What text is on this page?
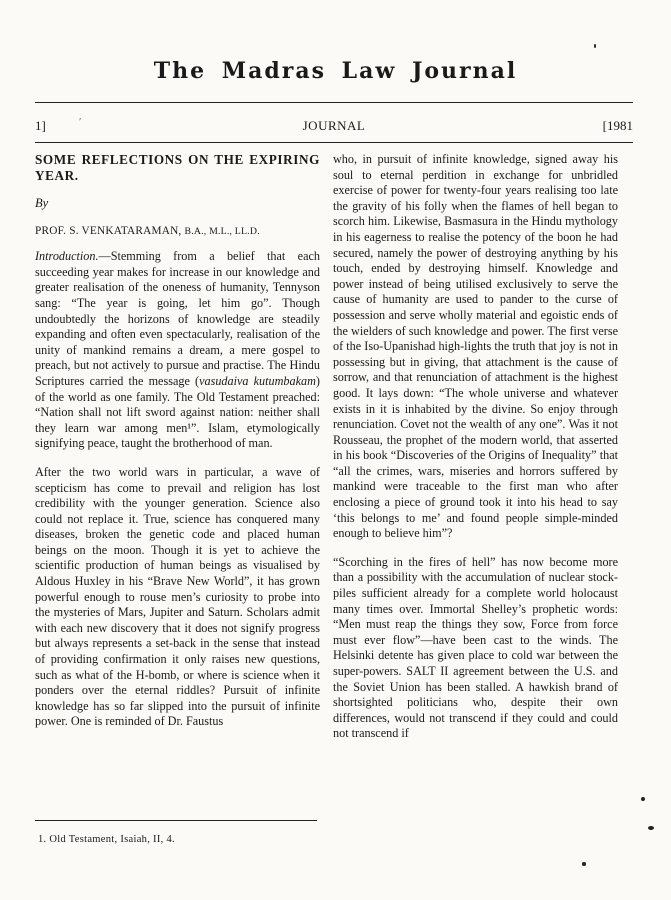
The Madras Law Journal
1]	′	JOURNAL	[1981

SOME REFLECTIONS ON THE EXPIRING YEAR.

By
PROF. S. VENKATARAMAN, B.A., M.L., LL.D.

Introduction.—Stemming from a belief that each succeeding year makes for increase in our knowledge and greater realisation of the oneness of humanity, Tennyson sang: “The year is going, let him go”. Though undoubtedly the horizons of knowledge are steadily expanding and often even spectacularly, realisation of the unity of mankind remains a dream, a mere gospel to preach, but not actively to pursue and practise. The Hindu Scriptures carried the message (vasudaiva kutumbakam) of the world as one family. The Old Testament preached: “Nation shall not lift sword against nation: neither shall they learn war among men¹”. Islam, etymologically signifying peace, taught the brotherhood of man.

After the two world wars in particular, a wave of scepticism has come to prevail and religion has lost credibility with the younger generation. Science also could not replace it. True, science has conquered many diseases, broken the genetic code and placed human beings on the moon. Though it is yet to achieve the scientific production of human beings as visualised by Aldous Huxley in his “Brave New World”, it has grown powerful enough to rouse men’s curiosity to probe into the mysteries of Mars, Jupiter and Saturn. Scholars admit with each new discovery that it does not signify progress but always represents a set-back in the sense that instead of providing confirmation it only raises new questions, such as what of the H-bomb, or where is science when it ponders over the eternal riddles? Pursuit of infinite knowledge has so far slipped into the pursuit of infinite power. One is reminded of Dr. Faustus

who, in pursuit of infinite knowledge, signed away his soul to eternal perdition in exchange for unbridled exercise of power for twenty-four years realising too late the gravity of his folly when the flames of hell began to scorch him. Likewise, Basmasura in the Hindu mythology in his eagerness to realise the potency of the boon he had secured, namely the power of destroying anything by his touch, ended by destroying himself. Knowledge and power instead of being utilised exclusively to serve the cause of humanity are used to pander to the curse of possession and serve wholly material and egoistic ends of the wielders of such knowledge and power. The first verse of the Iso-Upanishad high-lights the truth that joy is not in possessing but in giving, that attachment is the cause of sorrow, and that renunciation of attachment is the highest good. It lays down: “The whole universe and whatever exists in it is inhabited by the divine. So enjoy through renunciation. Covet not the wealth of any one”. Was it not Rousseau, the prophet of the modern world, that asserted in his book “Discoveries of the Origins of Inequality” that “all the crimes, wars, miseries and horrors suffered by mankind were traceable to the first man who after enclosing a piece of ground took it into his head to say ‘this belongs to me’ and found people simple-minded enough to believe him”?

“Scorching in the fires of hell” has now become more than a possibility with the accumulation of nuclear stock-piles sufficient already for a complete world holocaust many times over. Immortal Shelley’s prophetic words: “Men must reap the things they sow, Force from force must ever flow”—have been cast to the winds. The Helsinki detente has given place to cold war between the super-powers. SALT II agreement between the U.S. and the Soviet Union has been stalled. A hawkish brand of shortsighted politicians who, despite their own differences, would not transcend if they could and could not transcend if

1. Old Testament, Isaiah, II, 4.
